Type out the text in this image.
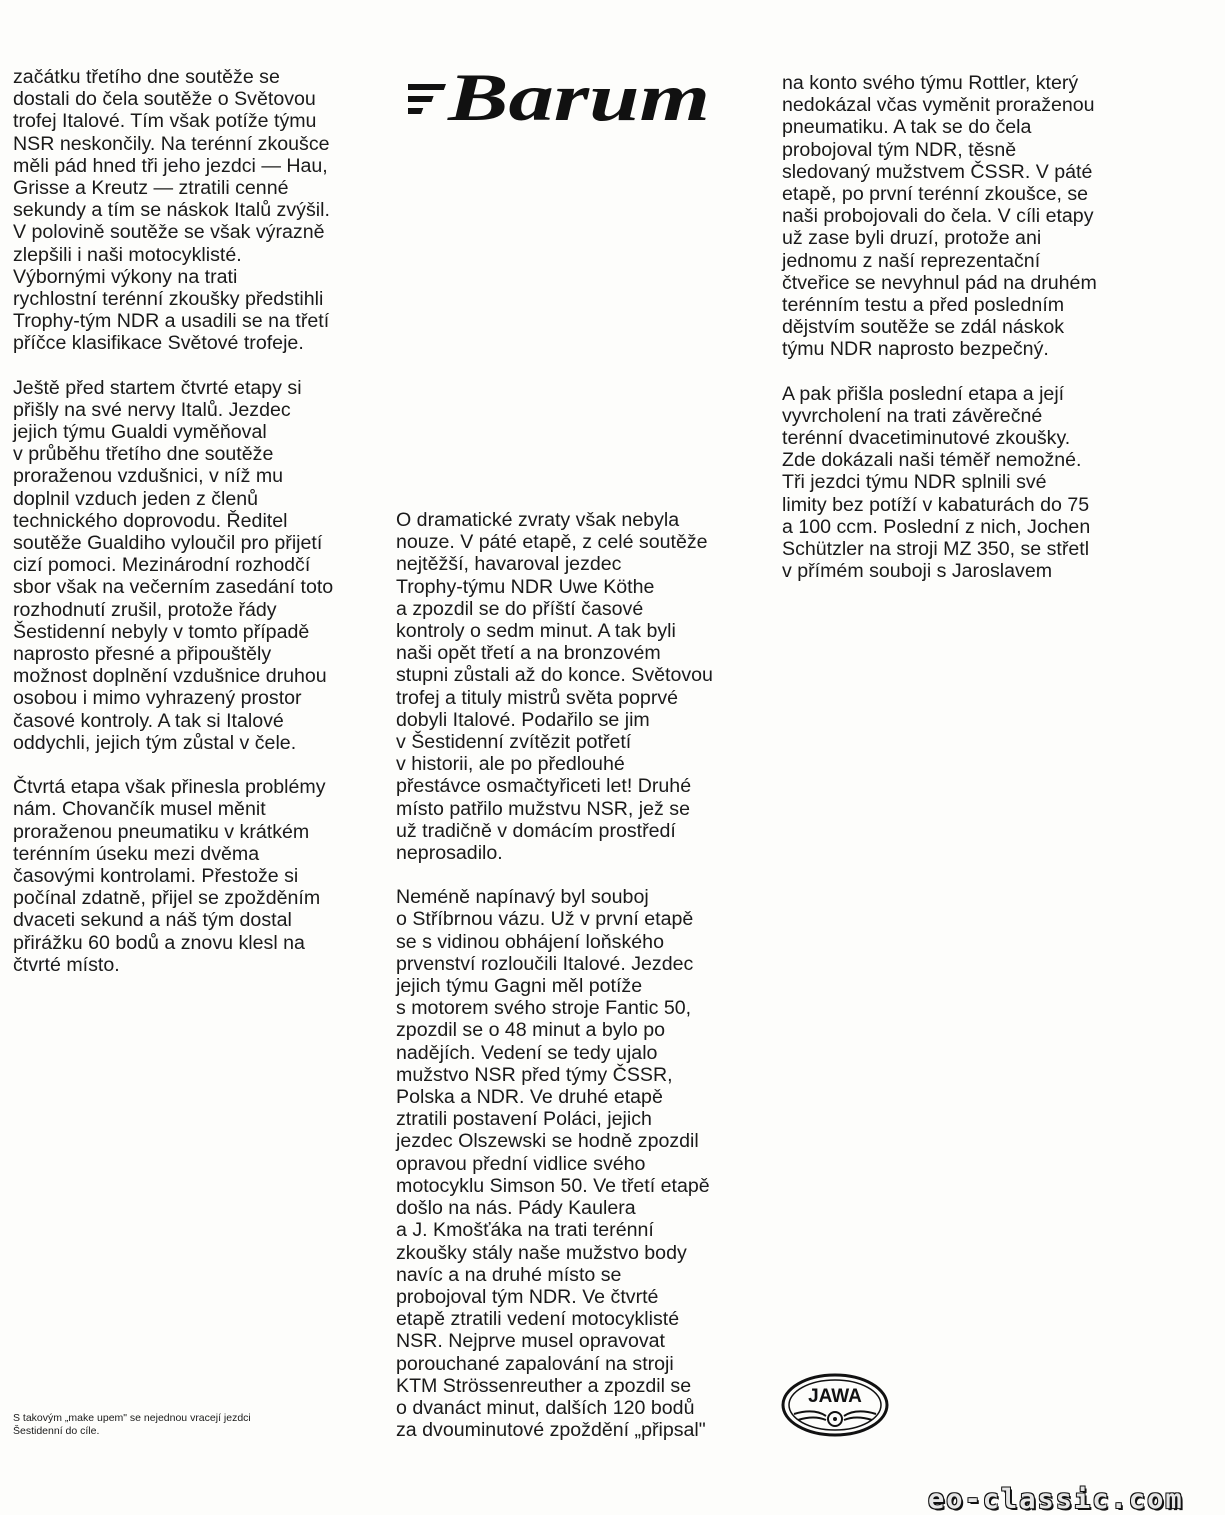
Barum

začátku třetího dne soutěže se
dostali do čela soutěže o Světovou
trofej Italové. Tím však potíže týmu
NSR neskončily. Na terénní zkoušce
měli pád hned tři jeho jezdci — Hau,
Grisse a Kreutz — ztratili cenné
sekundy a tím se náskok Italů zvýšil.
V polovině soutěže se však výrazně
zlepšili i naši motocyklisté.
Výbornými výkony na trati
rychlostní terénní zkoušky předstihli
Trophy-tým NDR a usadili se na třetí
příčce klasifikace Světové trofeje.

Ještě před startem čtvrté etapy si
přišly na své nervy Italů. Jezdec
jejich týmu Gualdi vyměňoval
v průběhu třetího dne soutěže
proraženou vzdušnici, v níž mu
doplnil vzduch jeden z členů
technického doprovodu. Ředitel
soutěže Gualdiho vyloučil pro přijetí
cizí pomoci. Mezinárodní rozhodčí
sbor však na večerním zasedání toto
rozhodnutí zrušil, protože řády
Šestidenní nebyly v tomto případě
naprosto přesné a připouštěly
možnost doplnění vzdušnice druhou
osobou i mimo vyhrazený prostor
časové kontroly. A tak si Italové
oddychli, jejich tým zůstal v čele.

Čtvrtá etapa však přinesla problémy
nám. Chovančík musel měnit
proraženou pneumatiku v krátkém
terénním úseku mezi dvěma
časovými kontrolami. Přestože si
počínal zdatně, přijel se zpožděním
dvaceti sekund a náš tým dostal
přirážku 60 bodů a znovu klesl na
čtvrté místo.

O dramatické zvraty však nebyla
nouze. V páté etapě, z celé soutěže
nejtěžší, havaroval jezdec
Trophy-týmu NDR Uwe Köthe
a zpozdil se do příští časové
kontroly o sedm minut. A tak byli
naši opět třetí a na bronzovém
stupni zůstali až do konce. Světovou
trofej a tituly mistrů světa poprvé
dobyli Italové. Podařilo se jim
v Šestidenní zvítězit potřetí
v historii, ale po předlouhé
přestávce osmačtyřiceti let! Druhé
místo patřilo mužstvu NSR, jež se
už tradičně v domácím prostředí
neprosadilo.

Neméně napínavý byl souboj
o Stříbrnou vázu. Už v první etapě
se s vidinou obhájení loňského
prvenství rozloučili Italové. Jezdec
jejich týmu Gagni měl potíže
s motorem svého stroje Fantic 50,
zpozdil se o 48 minut a bylo po
nadějích. Vedení se tedy ujalo
mužstvo NSR před týmy ČSSR,
Polska a NDR. Ve druhé etapě
ztratili postavení Poláci, jejich
jezdec Olszewski se hodně zpozdil
opravou přední vidlice svého
motocyklu Simson 50. Ve třetí etapě
došlo na nás. Pády Kaulera
a J. Kmošťáka na trati terénní
zkoušky stály naše mužstvo body
navíc a na druhé místo se
probojoval tým NDR. Ve čtvrté
etapě ztratili vedení motocyklisté
NSR. Nejprve musel opravovat
porouchané zapalování na stroji
KTM Strössenreuther a zpozdil se
o dvanáct minut, dalších 120 bodů
za dvouminutové zpoždění „připsal"

na konto svého týmu Rottler, který
nedokázal včas vyměnit proraženou
pneumatiku. A tak se do čela
probojoval tým NDR, těsně
sledovaný mužstvem ČSSR. V páté
etapě, po první terénní zkoušce, se
naši probojovali do čela. V cíli etapy
už zase byli druzí, protože ani
jednomu z naší reprezentační
čtveřice se nevyhnul pád na druhém
terénním testu a před posledním
dějstvím soutěže se zdál náskok
týmu NDR naprosto bezpečný.

A pak přišla poslední etapa a její
vyvrcholení na trati závěrečné
terénní dvacetiminutové zkoušky.
Zde dokázali naši téměř nemožné.
Tři jezdci týmu NDR splnili své
limity bez potíží v kabaturách do 75
a 100 ccm. Poslední z nich, Jochen
Schützler na stroji MZ 350, se střetl
v přímém souboji s Jaroslavem

S takovým „make upem" se nejednou vracejí jezdci
Šestidenní do cíle.
JAWA
eo-classic.com
